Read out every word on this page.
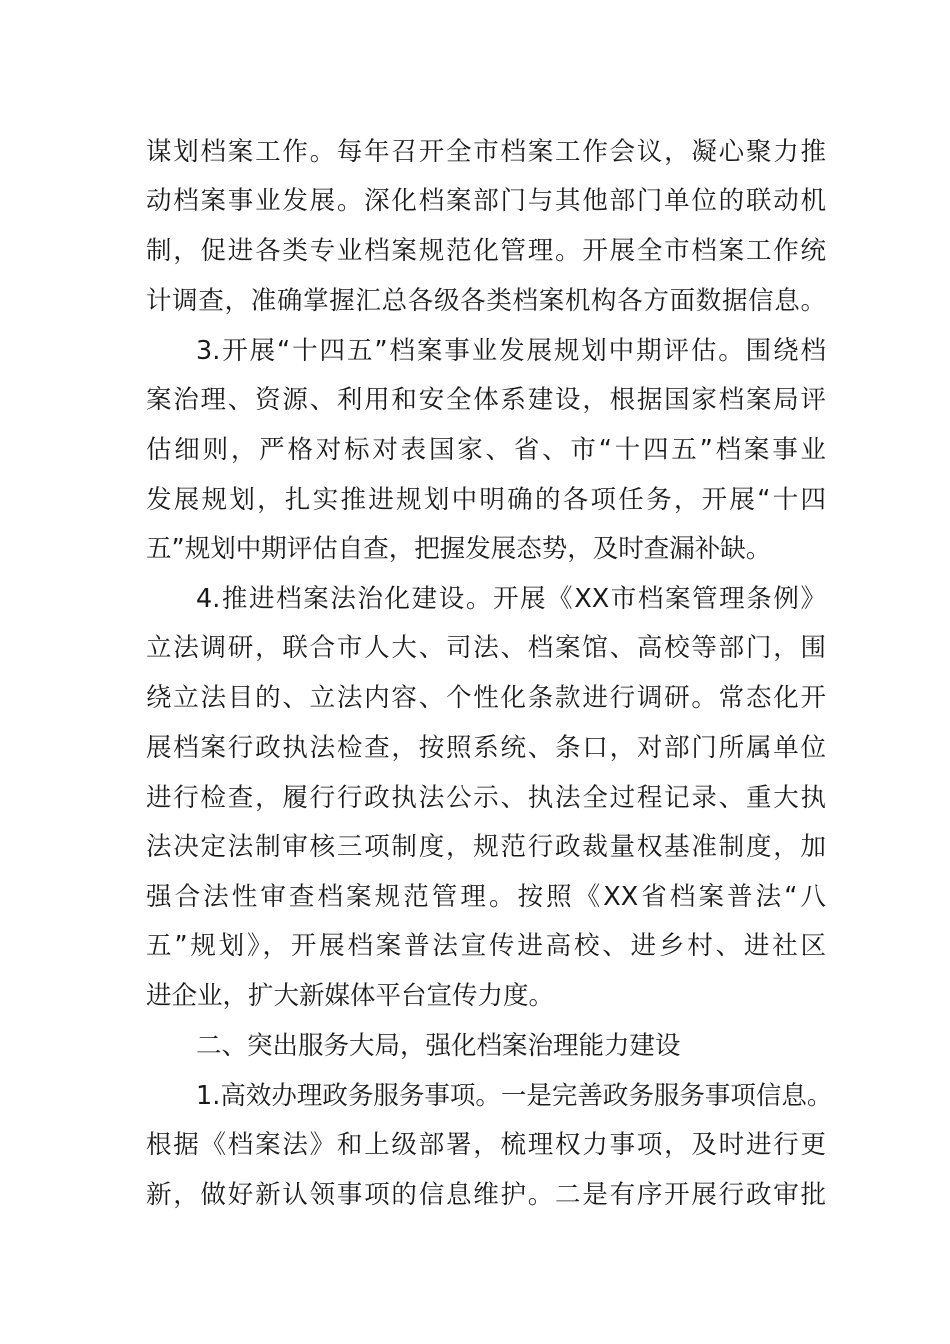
谋划档案工作。每年召开全市档案工作会议，凝心聚力推
动档案事业发展。深化档案部门与其他部门单位的联动机
制，促进各类专业档案规范化管理。开展全市档案工作统
计调查，准确掌握汇总各级各类档案机构各方面数据信息。
3.开展“十四五”档案事业发展规划中期评估。围绕档
案治理、资源、利用和安全体系建设，根据国家档案局评
估细则，严格对标对表国家、省、市“十四五”档案事业
发展规划，扎实推进规划中明确的各项任务，开展“十四
五”规划中期评估自查，把握发展态势，及时查漏补缺。
4.推进档案法治化建设。开展《XX市档案管理条例》
立法调研，联合市人大、司法、档案馆、高校等部门，围
绕立法目的、立法内容、个性化条款进行调研。常态化开
展档案行政执法检查，按照系统、条口，对部门所属单位
进行检查，履行行政执法公示、执法全过程记录、重大执
法决定法制审核三项制度，规范行政裁量权基准制度，加
强合法性审查档案规范管理。按照《XX省档案普法“八
五”规划》，开展档案普法宣传进高校、进乡村、进社区
进企业，扩大新媒体平台宣传力度。
二、突出服务大局，强化档案治理能力建设
1.高效办理政务服务事项。一是完善政务服务事项信息。
根据《档案法》和上级部署，梳理权力事项，及时进行更
新，做好新认领事项的信息维护。二是有序开展行政审批
